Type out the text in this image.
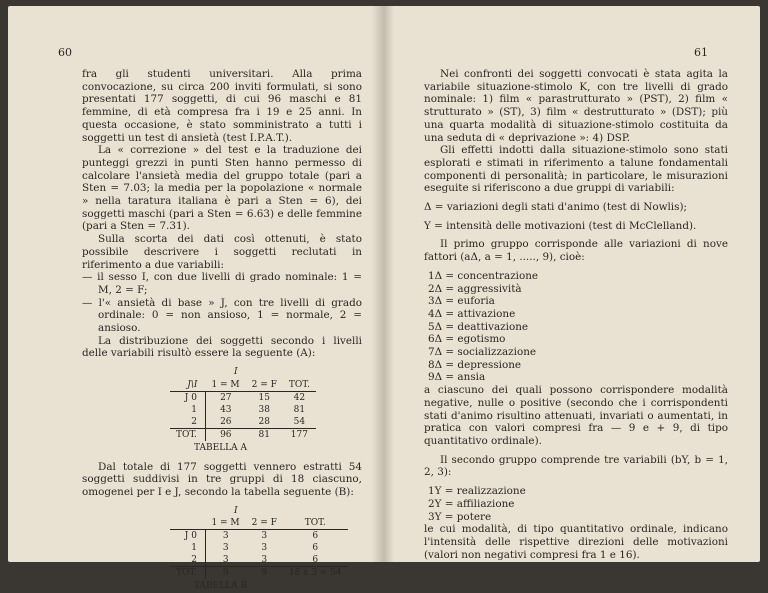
60

fra gli studenti universitari. Alla prima convocazione, su circa 200 inviti formulati, si sono presentati 177 soggetti, di cui 96 maschi e 81 femmine, di età compresa fra i 19 e 25 anni. In questa occasione, è stato somministrato a tutti i soggetti un test di ansietà (test I.P.A.T.).

La « correzione » del test e la traduzione dei punteggi grezzi in punti Sten hanno permesso di calcolare l'ansietà media del gruppo totale (pari a Sten = 7.03; la media per la popolazione « normale » nella taratura italiana è pari a Sten = 6), dei soggetti maschi (pari a Sten = 6.63) e delle femmine (pari a Sten = 7.31).

Sulla scorta dei dati così ottenuti, è stato possibile descrivere i soggetti reclutati in riferimento a due variabili:

— il sesso I, con due livelli di grado nominale: 1 = M, 2 = F;

— l'« ansietà di base » J, con tre livelli di grado ordinale: 0 = non ansioso, 1 = normale, 2 = ansioso.

La distribuzione dei soggetti secondo i livelli delle variabili risultò essere la seguente (A):

I
J\I	1 = M	2 = F	TOT.
J 0	27	15	42
1	43	38	81
2	26	28	54
TOT.	96	81	177
TABELLA A

Dal totale di 177 soggetti vennero estratti 54 soggetti suddivisi in tre gruppi di 18 ciascuno, omogenei per I e J, secondo la tabella seguente (B):

I
	1 = M	2 = F	TOT.
J 0	3	3	6
1	3	3	6
2	3	3	6
TOT.	9	9	18 x 3 = 54
TABELLA B
61

Nei confronti dei soggetti convocati è stata agita la variabile situazione-stimolo K, con tre livelli di grado nominale: 1) film « parastrutturato » (PST), 2) film « strutturato » (ST), 3) film « destrutturato » (DST); più una quarta modalità di situazione-stimolo costituita da una seduta di « deprivazione »: 4) DSP.

Gli effetti indotti dalla situazione-stimolo sono stati esplorati e stimati in riferimento a talune fondamentali componenti di personalità; in particolare, le misurazioni eseguite si riferiscono a due gruppi di variabili:

Δ = variazioni degli stati d'animo (test di Nowlis);

Y = intensità delle motivazioni (test di McClelland).

Il primo gruppo corrisponde alle variazioni di nove fattori (aΔ, a = 1, ....., 9), cioè:

1Δ = concentrazione

2Δ = aggressività

3Δ = euforia

4Δ = attivazione

5Δ = deattivazione

6Δ = egotismo

7Δ = socializzazione

8Δ = depressione

9Δ = ansia

a ciascuno dei quali possono corrispondere modalità negative, nulle o positive (secondo che i corrispondenti stati d'animo risultino attenuati, invariati o aumentati, in pratica con valori compresi fra — 9 e + 9, di tipo quantitativo ordinale).

Il secondo gruppo comprende tre variabili (bY, b = 1, 2, 3):

1Y = realizzazione

2Y = affiliazione

3Y = potere

le cui modalità, di tipo quantitativo ordinale, indicano l'intensità delle rispettive direzioni delle motivazioni (valori non negativi compresi fra 1 e 16).
